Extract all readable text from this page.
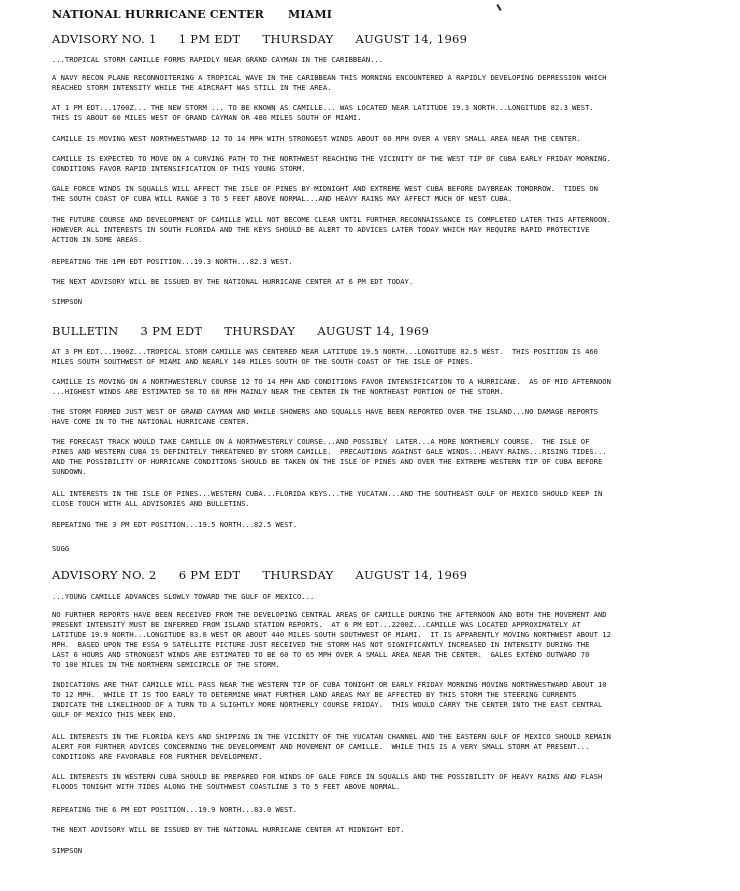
NATIONAL HURRICANE CENTER MIAMI
ADVISORY NO. 1 1 PM EDT THURSDAY AUGUST 14, 1969

...TROPICAL STORM CAMILLE FORMS RAPIDLY NEAR GRAND CAYMAN IN THE CARIBBEAN...

A NAVY RECON PLANE RECONNOITERING A TROPICAL WAVE IN THE CARIBBEAN THIS MORNING ENCOUNTERED A RAPIDLY DEVELOPING DEPRESSION WHICH
REACHED STORM INTENSITY WHILE THE AIRCRAFT WAS STILL IN THE AREA.

AT 1 PM EDT...1700Z... THE NEW STORM ... TO BE KNOWN AS CAMILLE... WAS LOCATED NEAR LATITUDE 19.3 NORTH...LONGITUDE 82.3 WEST.
THIS IS ABOUT 60 MILES WEST OF GRAND CAYMAN OR 480 MILES SOUTH OF MIAMI.

CAMILLE IS MOVING WEST NORTHWESTWARD 12 TO 14 MPH WITH STRONGEST WINDS ABOUT 60 MPH OVER A VERY SMALL AREA NEAR THE CENTER.

CAMILLE IS EXPECTED TO MOVE ON A CURVING PATH TO THE NORTHWEST REACHING THE VICINITY OF THE WEST TIP OF CUBA EARLY FRIDAY MORNING.
CONDITIONS FAVOR RAPID INTENSIFICATION OF THIS YOUNG STORM.

GALE FORCE WINDS IN SQUALLS WILL AFFECT THE ISLE OF PINES BY MIDNIGHT AND EXTREME WEST CUBA BEFORE DAYBREAK TOMORROW.  TIDES ON
THE SOUTH COAST OF CUBA WILL RANGE 3 TO 5 FEET ABOVE NORMAL...AND HEAVY RAINS MAY AFFECT MUCH OF WEST CUBA.

THE FUTURE COURSE AND DEVELOPMENT OF CAMILLE WILL NOT BECOME CLEAR UNTIL FURTHER RECONNAISSANCE IS COMPLETED LATER THIS AFTERNOON.
HOWEVER ALL INTERESTS IN SOUTH FLORIDA AND THE KEYS SHOULD BE ALERT TO ADVICES LATER TODAY WHICH MAY REQUIRE RAPID PROTECTIVE
ACTION IN SOME AREAS.

REPEATING THE 1PM EDT POSITION...19.3 NORTH...82.3 WEST.

THE NEXT ADVISORY WILL BE ISSUED BY THE NATIONAL HURRICANE CENTER AT 6 PM EDT TODAY.

SIMPSON

BULLETIN 3 PM EDT THURSDAY AUGUST 14, 1969

AT 3 PM EDT...1900Z...TROPICAL STORM CAMILLE WAS CENTERED NEAR LATITUDE 19.5 NORTH...LONGITUDE 82.5 WEST.  THIS POSITION IS 460
MILES SOUTH SOUTHWEST OF MIAMI AND NEARLY 140 MILES SOUTH OF THE SOUTH COAST OF THE ISLE OF PINES.

CAMILLE IS MOVING ON A NORTHWESTERLY COURSE 12 TO 14 MPH AND CONDITIONS FAVOR INTENSIFICATION TO A HURRICANE.  AS OF MID AFTERNOON
...HIGHEST WINDS ARE ESTIMATED 50 TO 60 MPH MAINLY NEAR THE CENTER IN THE NORTHEAST PORTION OF THE STORM.

THE STORM FORMED JUST WEST OF GRAND CAYMAN AND WHILE SHOWERS AND SQUALLS HAVE BEEN REPORTED OVER THE ISLAND...NO DAMAGE REPORTS
HAVE COME IN TO THE NATIONAL HURRICANE CENTER.

THE FORECAST TRACK WOULD TAKE CAMILLE ON A NORTHWESTERLY COURSE...AND POSSIBLY  LATER...A MORE NORTHERLY COURSE.  THE ISLE OF
PINES AND WESTERN CUBA IS DEFINITELY THREATENED BY STORM CAMILLE.  PRECAUTIONS AGAINST GALE WINDS...HEAVY RAINS...RISING TIDES...
AND THE POSSIBILITY OF HURRICANE CONDITIONS SHOULD BE TAKEN ON THE ISLE OF PINES AND OVER THE EXTREME WESTERN TIP OF CUBA BEFORE
SUNDOWN.

ALL INTERESTS IN THE ISLE OF PINES...WESTERN CUBA...FLORIDA KEYS...THE YUCATAN...AND THE SOUTHEAST GULF OF MEXICO SHOULD KEEP IN
CLOSE TOUCH WITH ALL ADVISORIES AND BULLETINS.

REPEATING THE 3 PM EDT POSITION...19.5 NORTH...82.5 WEST.

SUGG

ADVISORY NO. 2 6 PM EDT THURSDAY AUGUST 14, 1969

...YOUNG CAMILLE ADVANCES SLOWLY TOWARD THE GULF OF MEXICO...

NO FURTHER REPORTS HAVE BEEN RECEIVED FROM THE DEVELOPING CENTRAL AREAS OF CAMILLE DURING THE AFTERNOON AND BOTH THE MOVEMENT AND
PRESENT INTENSITY MUST BE INFERRED FROM ISLAND STATION REPORTS.  AT 6 PM EDT...2200Z...CAMILLE WAS LOCATED APPROXIMATELY AT
LATITUDE 19.9 NORTH...LONGITUDE 83.0 WEST OR ABOUT 440 MILES SOUTH SOUTHWEST OF MIAMI.  IT IS APPARENTLY MOVING NORTHWEST ABOUT 12
MPH.  BASED UPON THE ESSA 9 SATELLITE PICTURE JUST RECEIVED THE STORM HAS NOT SIGNIFICANTLY INCREASED IN INTENSITY DURING THE
LAST 6 HOURS AND STRONGEST WINDS ARE ESTIMATED TO BE 60 TO 65 MPH OVER A SMALL AREA NEAR THE CENTER.  GALES EXTEND OUTWARD 70
TO 100 MILES IN THE NORTHERN SEMICIRCLE OF THE STORM.

INDICATIONS ARE THAT CAMILLE WILL PASS NEAR THE WESTERN TIP OF CUBA TONIGHT OR EARLY FRIDAY MORNING MOVING NORTHWESTWARD ABOUT 10
TO 12 MPH.  WHILE IT IS TOO EARLY TO DETERMINE WHAT FURTHER LAND AREAS MAY BE AFFECTED BY THIS STORM THE STEERING CURRENTS
INDICATE THE LIKELIHOOD OF A TURN TO A SLIGHTLY MORE NORTHERLY COURSE FRIDAY.  THIS WOULD CARRY THE CENTER INTO THE EAST CENTRAL
GULF OF MEXICO THIS WEEK END.

ALL INTERESTS IN THE FLORIDA KEYS AND SHIPPING IN THE VICINITY OF THE YUCATAN CHANNEL AND THE EASTERN GULF OF MEXICO SHOULD REMAIN
ALERT FOR FURTHER ADVICES CONCERNING THE DEVELOPMENT AND MOVEMENT OF CAMILLE.  WHILE THIS IS A VERY SMALL STORM AT PRESENT...
CONDITIONS ARE FAVORABLE FOR FURTHER DEVELOPMENT.

ALL INTERESTS IN WESTERN CUBA SHOULD BE PREPARED FOR WINDS OF GALE FORCE IN SQUALLS AND THE POSSIBILITY OF HEAVY RAINS AND FLASH
FLOODS TONIGHT WITH TIDES ALONG THE SOUTHWEST COASTLINE 3 TO 5 FEET ABOVE NORMAL.

REPEATING THE 6 PM EDT POSITION...19.9 NORTH...83.0 WEST.

THE NEXT ADVISORY WILL BE ISSUED BY THE NATIONAL HURRICANE CENTER AT MIDNIGHT EDT.

SIMPSON
